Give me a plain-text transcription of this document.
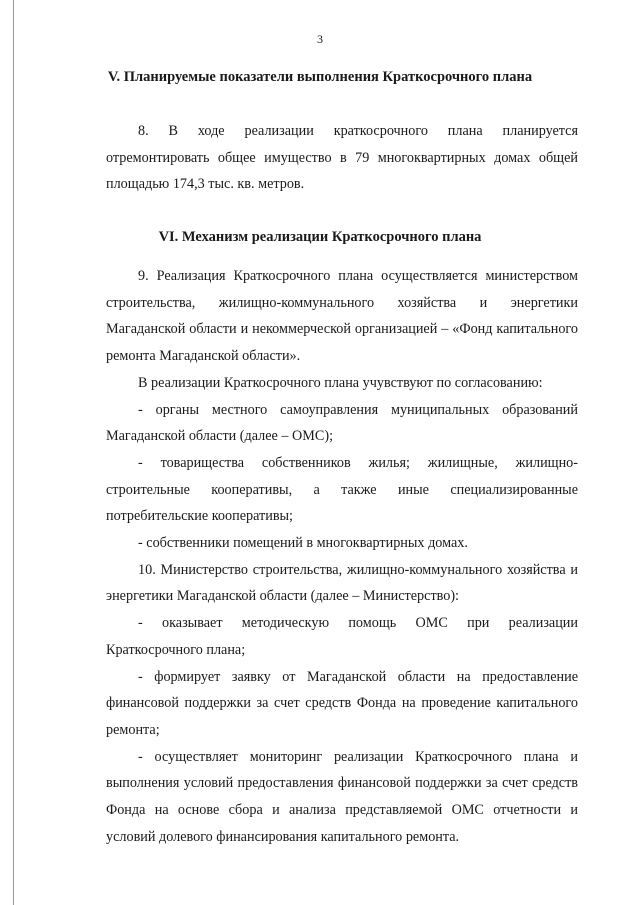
3
V. Планируемые показатели выполнения Краткосрочного плана

8. В ходе реализации краткосрочного плана планируется отремонтировать общее имущество в 79 многоквартирных домах общей площадью 174,3 тыс. кв. метров.

VI. Механизм реализации Краткосрочного плана

9. Реализация Краткосрочного плана осуществляется министерством строительства, жилищно-коммунального хозяйства и энергетики Магаданской области и некоммерческой организацией – «Фонд капитального ремонта Магаданской области».

В реализации Краткосрочного плана учувствуют по согласованию:

- органы местного самоуправления муниципальных образований Магаданской области (далее – ОМС);

- товарищества собственников жилья; жилищные, жилищно-строительные кооперативы, а также иные специализированные потребительские кооперативы;

- собственники помещений в многоквартирных домах.

10. Министерство строительства, жилищно-коммунального хозяйства и энергетики Магаданской области (далее – Министерство):

- оказывает методическую помощь ОМС при реализации Краткосрочного плана;

- формирует заявку от Магаданской области на предоставление финансовой поддержки за счет средств Фонда на проведение капитального ремонта;

- осуществляет мониторинг реализации Краткосрочного плана и выполнения условий предоставления финансовой поддержки за счет средств Фонда на основе сбора и анализа представляемой ОМС отчетности и условий долевого финансирования капитального ремонта.
